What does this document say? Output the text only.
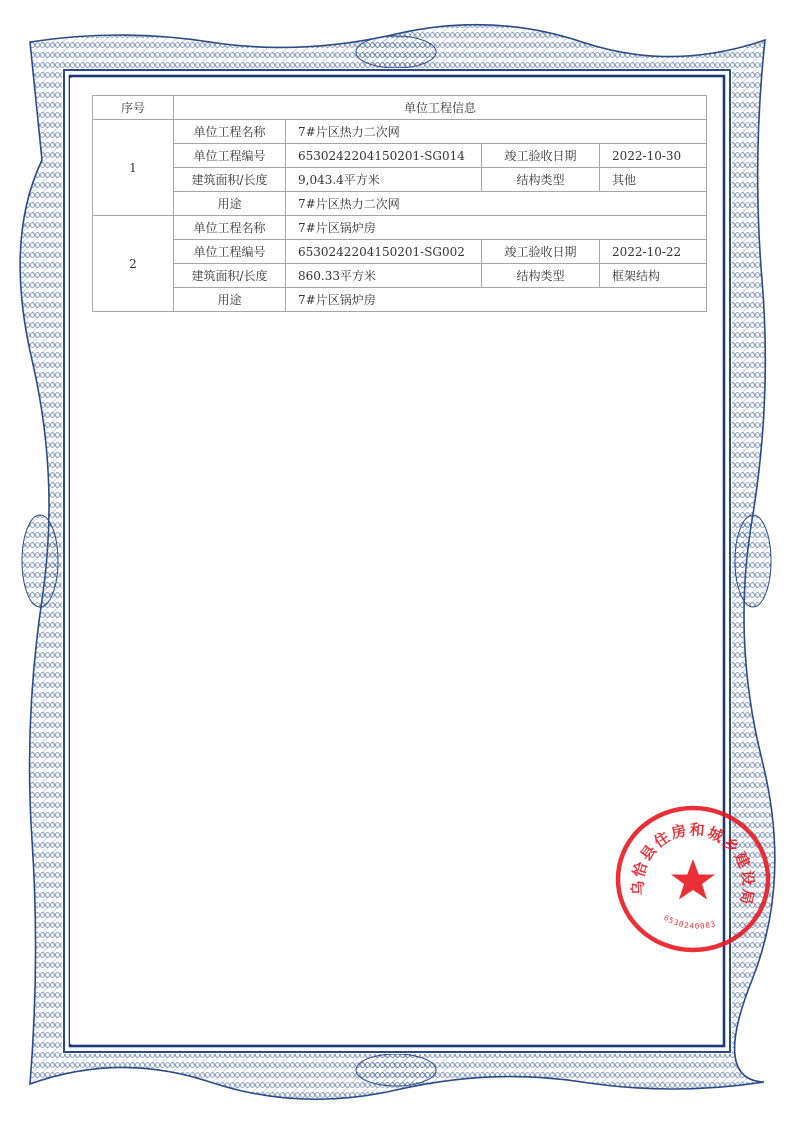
序号	单位工程信息			
1	单位工程名称	7#片区热力二次网		
	单位工程编号	6530242204150201-SG014	竣工验收日期	2022-10-30
	建筑面积/长度	9,043.4平方米	结构类型	其他
	用途	7#片区热力二次网		
2	单位工程名称	7#片区锅炉房		
	单位工程编号	6530242204150201-SG002	竣工验收日期	2022-10-22
	建筑面积/长度	860.33平方米	结构类型	框架结构
	用途	7#片区锅炉房		
乌恰县住房和城乡建设局
6530240003
